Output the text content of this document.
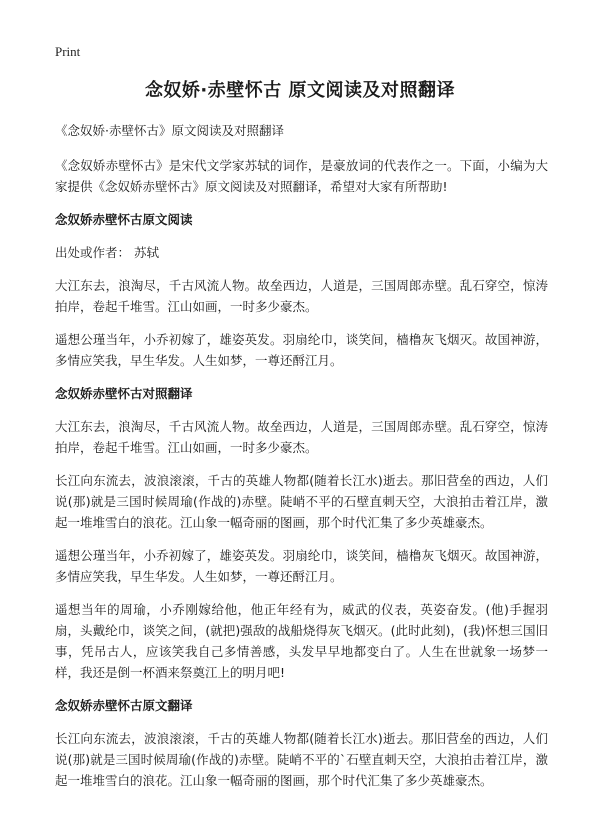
Print
念奴娇·赤壁怀古 原文阅读及对照翻译
《念奴娇·赤壁怀古》原文阅读及对照翻译

《念奴娇赤壁怀古》是宋代文学家苏轼的词作，是豪放词的代表作之一。下面，小编为大家提供《念奴娇赤壁怀古》原文阅读及对照翻译，希望对大家有所帮助!

念奴娇赤壁怀古原文阅读

出处或作者： 苏轼

大江东去，浪淘尽，千古风流人物。故垒西边，人道是，三国周郎赤壁。乱石穿空，惊涛拍岸，卷起千堆雪。江山如画，一时多少豪杰。

遥想公瑾当年，小乔初嫁了，雄姿英发。羽扇纶巾，谈笑间，樯橹灰飞烟灭。故国神游，多情应笑我，早生华发。人生如梦，一尊还酹江月。

念奴娇赤壁怀古对照翻译

大江东去，浪淘尽，千古风流人物。故垒西边，人道是，三国周郎赤壁。乱石穿空，惊涛拍岸，卷起千堆雪。江山如画，一时多少豪杰。

长江向东流去，波浪滚滚，千古的英雄人物都(随着长江水)逝去。那旧营垒的西边，人们说(那)就是三国时候周瑜(作战的)赤壁。陡峭不平的石壁直刺天空，大浪拍击着江岸，激起一堆堆雪白的浪花。江山象一幅奇丽的图画，那个时代汇集了多少英雄豪杰。

遥想公瑾当年，小乔初嫁了，雄姿英发。羽扇纶巾，谈笑间，樯橹灰飞烟灭。故国神游，多情应笑我，早生华发。人生如梦，一尊还酹江月。

遥想当年的周瑜，小乔刚嫁给他，他正年经有为，威武的仪表，英姿奋发。(他)手握羽扇，头戴纶巾，谈笑之间，(就把)强敌的战船烧得灰飞烟灭。(此时此刻)，(我)怀想三国旧事，凭吊古人，应该笑我自己多情善感，头发早早地都变白了。人生在世就象一场梦一样，我还是倒一杯酒来祭奠江上的明月吧!

念奴娇赤壁怀古原文翻译

长江向东流去，波浪滚滚，千古的英雄人物都(随着长江水)逝去。那旧营垒的西边，人们说(那)就是三国时候周瑜(作战的)赤壁。陡峭不平的`石壁直刺天空，大浪拍击着江岸，激起一堆堆雪白的浪花。江山象一幅奇丽的图画，那个时代汇集了多少英雄豪杰。
